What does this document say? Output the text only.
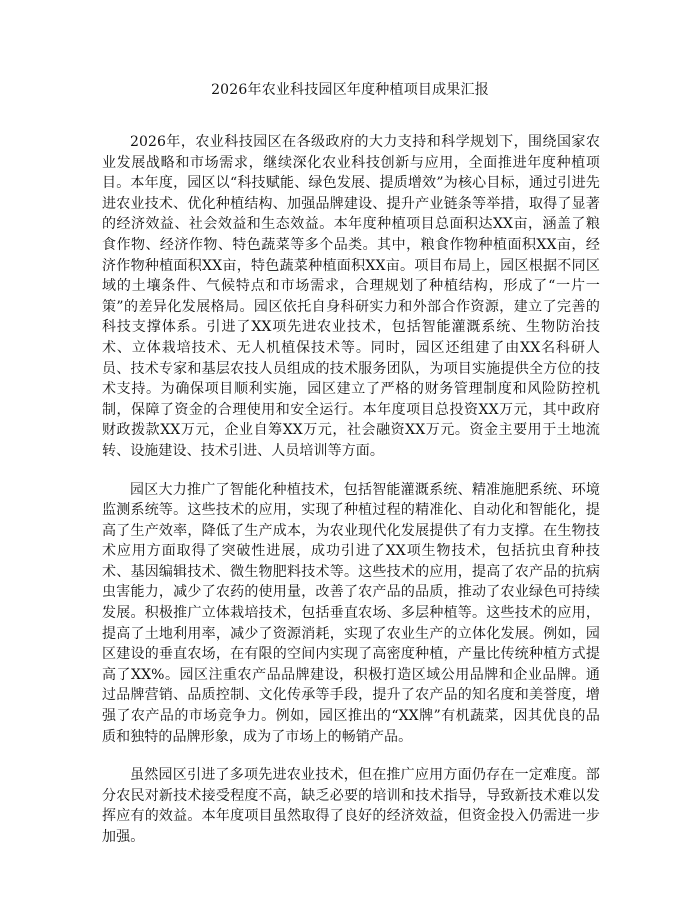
2026年农业科技园区年度种植项目成果汇报

2026年，农业科技园区在各级政府的大力支持和科学规划下，围绕国家农业发展战略和市场需求，继续深化农业科技创新与应用，全面推进年度种植项目。本年度，园区以“科技赋能、绿色发展、提质增效”为核心目标，通过引进先进农业技术、优化种植结构、加强品牌建设、提升产业链条等举措，取得了显著的经济效益、社会效益和生态效益。本年度种植项目总面积达XX亩，涵盖了粮食作物、经济作物、特色蔬菜等多个品类。其中，粮食作物种植面积XX亩，经济作物种植面积XX亩，特色蔬菜种植面积XX亩。项目布局上，园区根据不同区域的土壤条件、气候特点和市场需求，合理规划了种植结构，形成了“一片一策”的差异化发展格局。园区依托自身科研实力和外部合作资源，建立了完善的科技支撑体系。引进了XX项先进农业技术，包括智能灌溉系统、生物防治技术、立体栽培技术、无人机植保技术等。同时，园区还组建了由XX名科研人员、技术专家和基层农技人员组成的技术服务团队，为项目实施提供全方位的技术支持。为确保项目顺利实施，园区建立了严格的财务管理制度和风险防控机制，保障了资金的合理使用和安全运行。本年度项目总投资XX万元，其中政府财政拨款XX万元，企业自筹XX万元，社会融资XX万元。资金主要用于土地流转、设施建设、技术引进、人员培训等方面。

园区大力推广了智能化种植技术，包括智能灌溉系统、精准施肥系统、环境监测系统等。这些技术的应用，实现了种植过程的精准化、自动化和智能化，提高了生产效率，降低了生产成本，为农业现代化发展提供了有力支撑。在生物技术应用方面取得了突破性进展，成功引进了XX项生物技术，包括抗虫育种技术、基因编辑技术、微生物肥料技术等。这些技术的应用，提高了农产品的抗病虫害能力，减少了农药的使用量，改善了农产品的品质，推动了农业绿色可持续发展。积极推广立体栽培技术，包括垂直农场、多层种植等。这些技术的应用，提高了土地利用率，减少了资源消耗，实现了农业生产的立体化发展。例如，园区建设的垂直农场，在有限的空间内实现了高密度种植，产量比传统种植方式提高了XX%。园区注重农产品品牌建设，积极打造区域公用品牌和企业品牌。通过品牌营销、品质控制、文化传承等手段，提升了农产品的知名度和美誉度，增强了农产品的市场竞争力。例如，园区推出的“XX牌”有机蔬菜，因其优良的品质和独特的品牌形象，成为了市场上的畅销产品。

虽然园区引进了多项先进农业技术，但在推广应用方面仍存在一定难度。部分农民对新技术接受程度不高，缺乏必要的培训和技术指导，导致新技术难以发挥应有的效益。本年度项目虽然取得了良好的经济效益，但资金投入仍需进一步加强。
